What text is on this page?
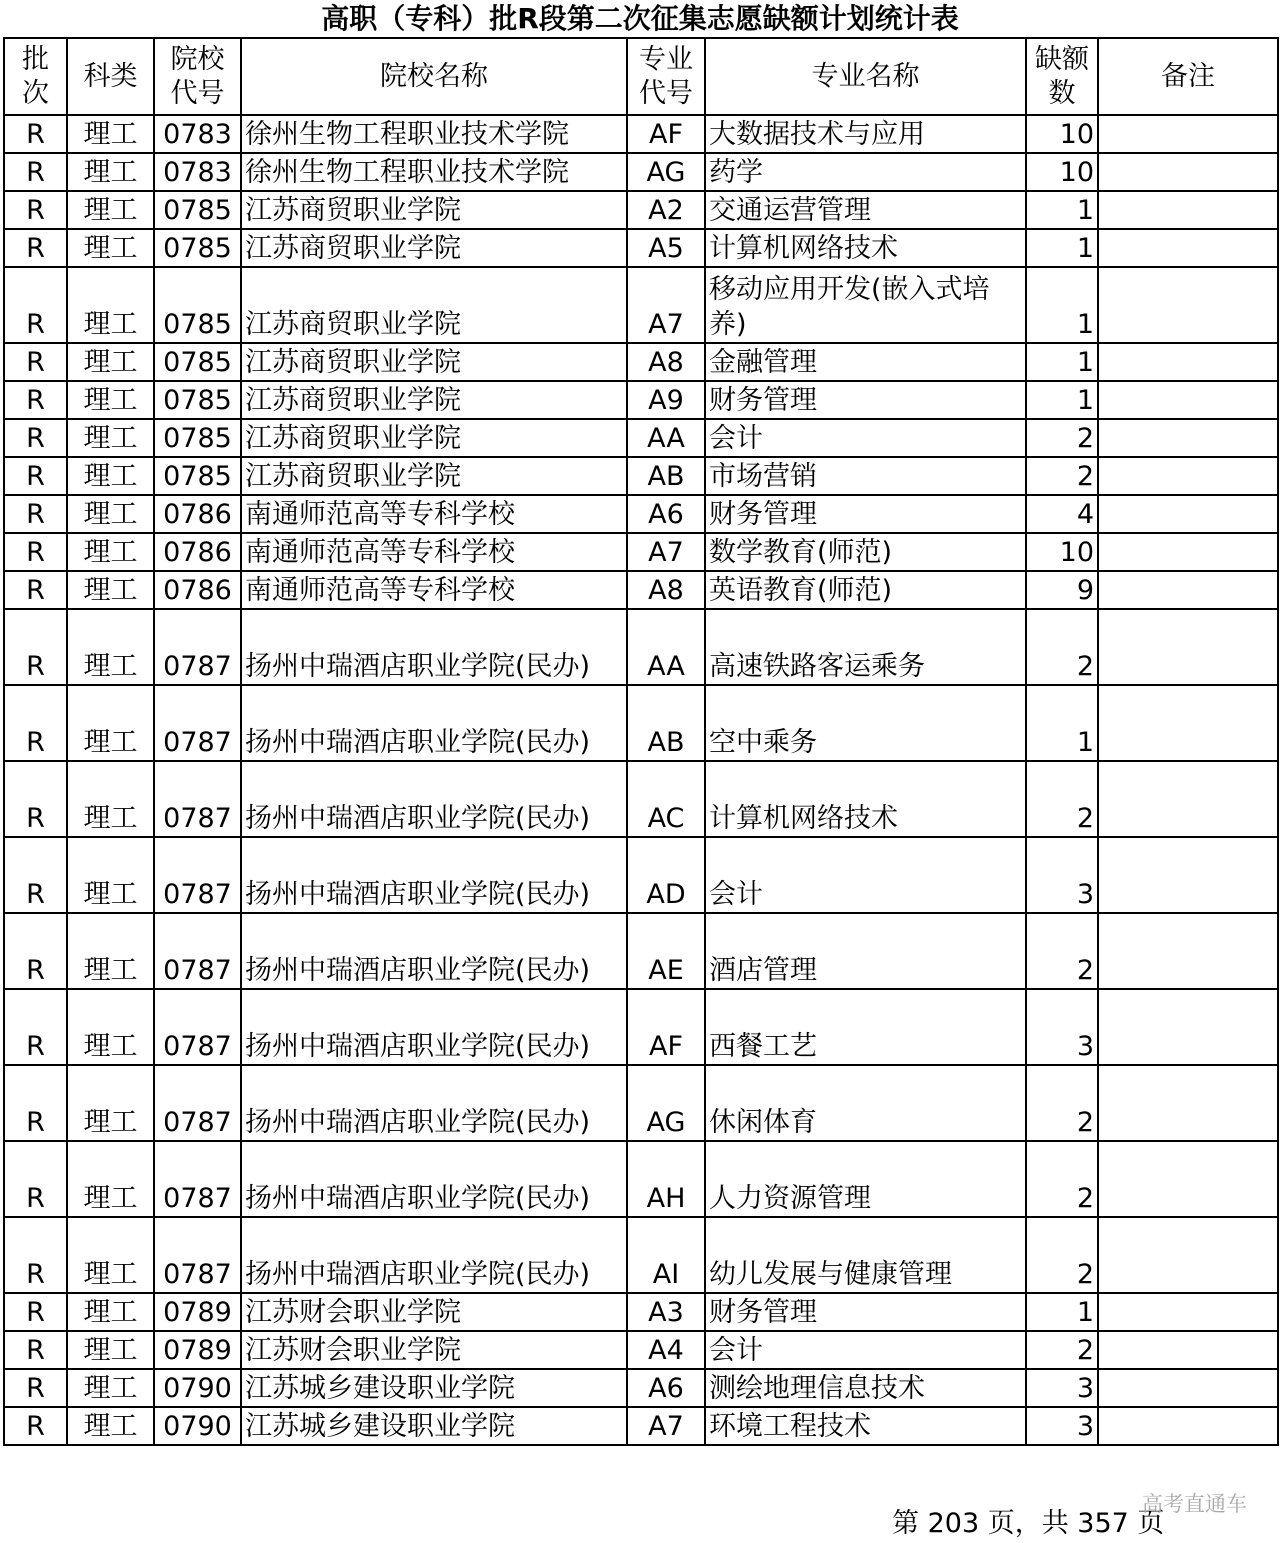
高职（专科）批R段第二次征集志愿缺额计划统计表
批次	科类	院校代号	院校名称	专业代号	专业名称	缺额数	备注

R	理工	0783	徐州生物工程职业技术学院	AF	大数据技术与应用	10	
R	理工	0783	徐州生物工程职业技术学院	AG	药学	10	
R	理工	0785	江苏商贸职业学院	A2	交通运营管理	1	
R	理工	0785	江苏商贸职业学院	A5	计算机网络技术	1	
R	理工	0785	江苏商贸职业学院	A7	移动应用开发(嵌入式培养)	1	
R	理工	0785	江苏商贸职业学院	A8	金融管理	1	
R	理工	0785	江苏商贸职业学院	A9	财务管理	1	
R	理工	0785	江苏商贸职业学院	AA	会计	2	
R	理工	0785	江苏商贸职业学院	AB	市场营销	2	
R	理工	0786	南通师范高等专科学校	A6	财务管理	4	
R	理工	0786	南通师范高等专科学校	A7	数学教育(师范)	10	
R	理工	0786	南通师范高等专科学校	A8	英语教育(师范)	9	
R	理工	0787	扬州中瑞酒店职业学院(民办)	AA	高速铁路客运乘务	2	
R	理工	0787	扬州中瑞酒店职业学院(民办)	AB	空中乘务	1	
R	理工	0787	扬州中瑞酒店职业学院(民办)	AC	计算机网络技术	2	
R	理工	0787	扬州中瑞酒店职业学院(民办)	AD	会计	3	
R	理工	0787	扬州中瑞酒店职业学院(民办)	AE	酒店管理	2	
R	理工	0787	扬州中瑞酒店职业学院(民办)	AF	西餐工艺	3	
R	理工	0787	扬州中瑞酒店职业学院(民办)	AG	休闲体育	2	
R	理工	0787	扬州中瑞酒店职业学院(民办)	AH	人力资源管理	2	
R	理工	0787	扬州中瑞酒店职业学院(民办)	AI	幼儿发展与健康管理	2	
R	理工	0789	江苏财会职业学院	A3	财务管理	1	
R	理工	0789	江苏财会职业学院	A4	会计	2	
R	理工	0790	江苏城乡建设职业学院	A6	测绘地理信息技术	3	
R	理工	0790	江苏城乡建设职业学院	A7	环境工程技术	3	
第 203 页，共 357 页
高考直通车
